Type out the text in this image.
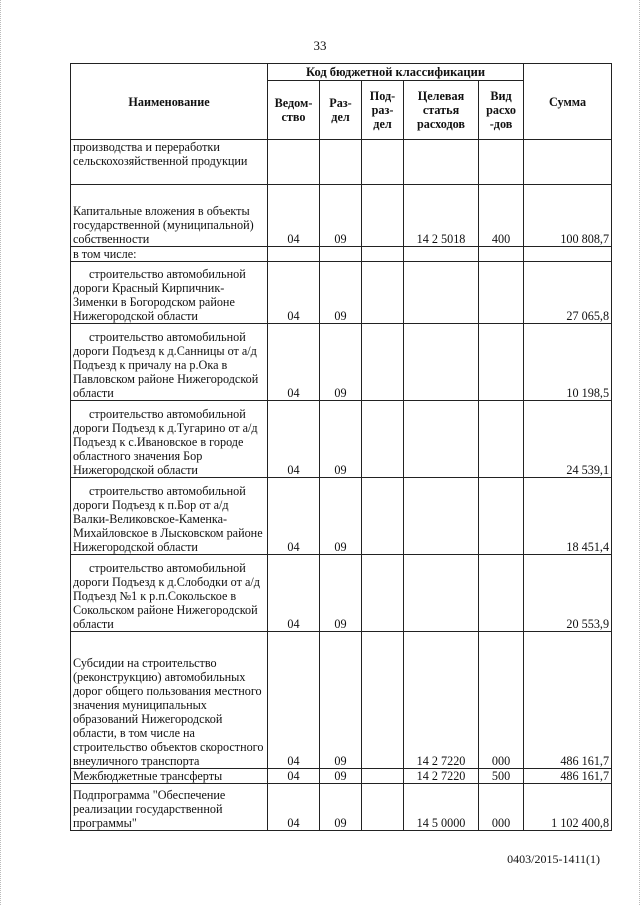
33
Наименование	Код бюджетной классификации					Сумма
	Ведом-ство	Раз-дел	Под-раз-дел	Целевая статья расходов	Вид расхо -дов	
производства и переработки сельскохозяйственной продукции						
Капитальные вложения в объекты государственной (муниципальной) собственности	04	09		14 2 5018	400	100 808,7
в том числе:						
строительство автомобильной дороги Красный Кирпичник-Зименки в Богородском районе Нижегородской области	04	09				27 065,8
строительство автомобильной дороги Подъезд к д.Санницы от а/д Подъезд к причалу на р.Ока в Павловском районе Нижегородской области	04	09				10 198,5
строительство автомобильной дороги Подъезд к д.Тугарино от а/д Подъезд к с.Ивановское в городе областного значения Бор Нижегородской области	04	09				24 539,1
строительство автомобильной дороги Подъезд к п.Бор от а/д Валки-Великовское-Каменка-Михайловское в Лысковском районе Нижегородской области	04	09				18 451,4
строительство автомобильной дороги Подъезд к д.Слободки от а/д Подъезд №1 к р.п.Сокольское в Сокольском районе Нижегородской области	04	09				20 553,9
Субсидии на строительство (реконструкцию) автомобильных дорог общего пользования местного значения муниципальных образований Нижегородской области, в том числе на строительство объектов скоростного внеуличного транспорта	04	09		14 2 7220	000	486 161,7
Межбюджетные трансферты	04	09		14 2 7220	500	486 161,7
Подпрограмма "Обеспечение реализации государственной программы"	04	09		14 5 0000	000	1 102 400,8
0403/2015-1411(1)
